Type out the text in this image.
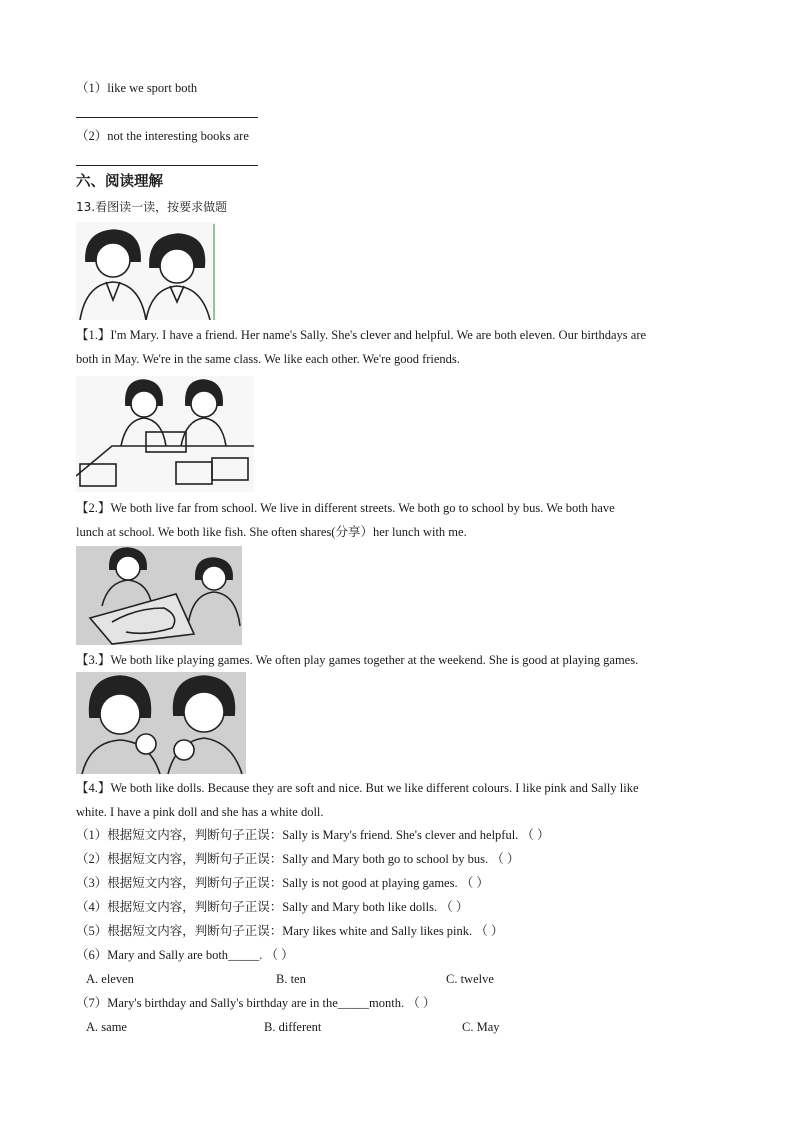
（1）like we sport both
（2）not the interesting books are
六、阅读理解
13.看图读一读，按要求做题
【1.】I'm Mary. I have a friend. Her name's Sally. She's clever and helpful. We are both eleven. Our birthdays are
both in May. We're in the same class. We like each other. We're good friends.
【2.】We both live far from school. We live in different streets. We both go to school by bus. We both have
lunch at school. We both like fish. She often shares(分享）her lunch with me.
【3.】We both like playing games. We often play games together at the weekend. She is good at playing games.
【4.】We both like dolls. Because they are soft and nice. But we like different colours. I like pink and Sally like
white. I have a pink doll and she has a white doll.
（1）根据短文内容，判断句子正误：Sally is Mary's friend. She's clever and helpful. （ ）
（2）根据短文内容，判断句子正误：Sally and Mary both go to school by bus. （ ）
（3）根据短文内容，判断句子正误：Sally is not good at playing games. （ ）
（4）根据短文内容，判断句子正误：Sally and Mary both like dolls. （ ）
（5）根据短文内容，判断句子正误：Mary likes white and Sally likes pink. （ ）
（6）Mary and Sally are both_____. （ ）
A. eleven	B. ten	C. twelve
（7）Mary's birthday and Sally's birthday are in the_____month. （ ）
A. same	B. different	C. May
